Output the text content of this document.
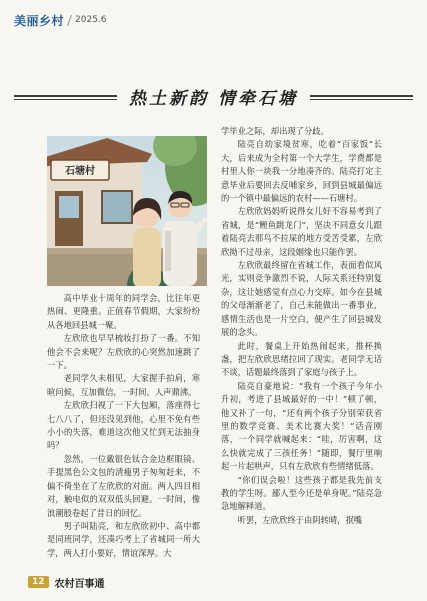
美丽乡村 2025.6
热土新韵 情牵石塘
石塘村

高中毕业十周年的同学会，比往年更热闹、更隆重。正值春节假期，大家纷纷从各地回县城一聚。

左欣欣也早早梳妆打扮了一番。不知他会不会来呢？左欣欣的心突然加速跳了一下。

老同学久未相见，大家握手拍肩，寒暄问候，互加微信，一时间，人声鼎沸。

左欣欣扫视了一下大包厢，落座得七七八八了，但还没见到他，心里不免有些小小的失落，难道这次他又忙到无法抽身吗？

忽然，一位戴银色钛合金边框眼镜、手提黑色公文包的清瘦男子匆匆赶来，不偏不倚坐在了左欣欣的对面。两人四目相对，触电似的双双低头回避。一时间，像浪潮般卷起了昔日的回忆。

男子叫陆亮，和左欣欣初中、高中都是同班同学，还凑巧考上了省城同一所大学，两人打小要好，情谊深厚。大

学毕业之际，却出现了分歧。

陆亮自幼家境贫寒，吃着“百家饭”长大，后来成为全村第一个大学生，学费都是村里人你一块我一分地凑齐的。陆亮打定主意毕业后要回去反哺家乡，回到县城最偏远的一个镇中最偏远的农村——石塘村。

左欣欣妈妈听说得女儿好不容易考到了省城，是“鲤鱼跳龙门”，坚决不同意女儿跟着陆亮去那鸟不拉屎的地方受苦受累，左欣欣拗不过母亲，这段姻缘也只能作罢。

左欣欣最终留在省城工作，表面看似风光，实则竞争激烈不说，人际关系还特别复杂，这让她感觉有点心力交瘁。如今在县城的父母渐渐老了，自己未能做出一番事业，感情生活也是一片空白，便产生了回县城发展的念头。

此时，餐桌上开始热闹起来，推杯换盏，把左欣欣思绪拉回了现实。老同学无话不谈，话题最终落到了家庭与孩子上。

陆亮自豪地说：“我有一个孩子今年小升初，考进了县城最好的一中！”顿了顿，他又补了一句，“还有两个孩子分别荣获省里的数学竞赛、美术比赛大奖！”话音刚落，一个同学就喊起来：“哇，厉害啊，这么快就完成了三孩任务！”随即，餐厅里响起一片起哄声，只有左欣欣有些情绪低落。

“你们误会啦！这些孩子都是我先前支教的学生呀。鄙人至今还是单身呢。”陆亮急急地解释道。

听罢，左欣欣终于由阴转晴，抿嘴

12	农村百事通
